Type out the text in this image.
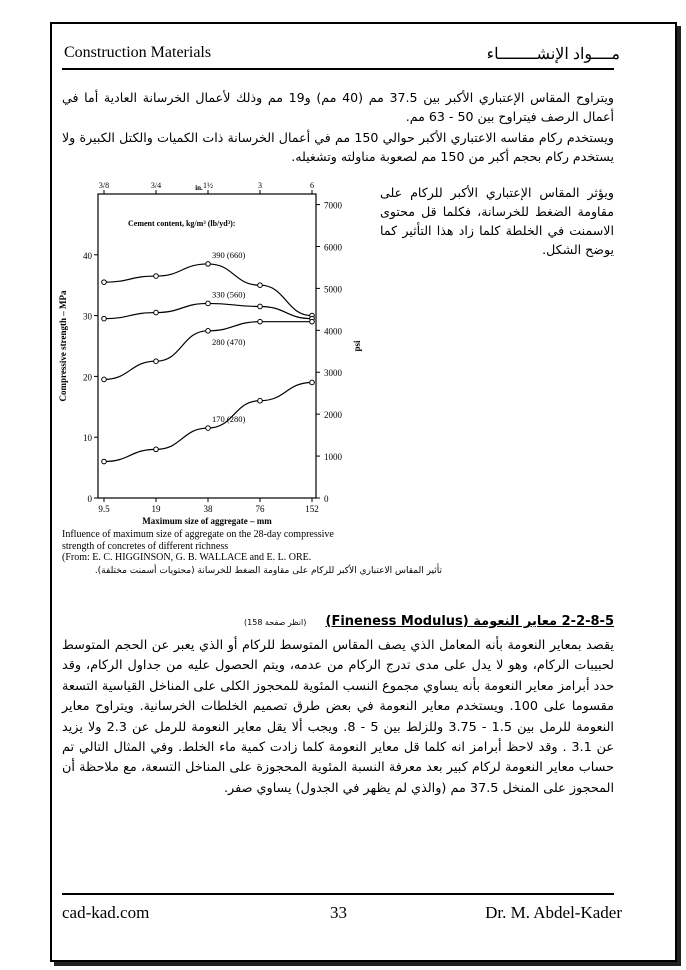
Construction Materials	مــــواد الإنشــــــــاء
ويتراوح المقاس الإعتباري الأكبر بين 37.5 مم (40 مم) و19 مم وذلك لأعمال الخرسانة العادية أما في أعمال الرصف فيتراوح بين 50 - 63 مم.
ويستخدم ركام مقاسه الاعتباري الأكبر حوالي 150 مم في أعمال الخرسانة ذات الكميات والكتل الكبيرة ولا يستخدم ركام بحجم أكبر من 150 مم لصعوبة مناولته وتشغيله.
0
10
20
30
40
Compressive strength – MPa
0
1000
2000
3000
4000
5000
6000
7000
psi
9.5
3/8
19
3/4
38
1½
76
3
152
6
in.
Maximum size of aggregate – mm
Cement content, kg/m³ (lb/yd³):
390 (660)
330 (560)
280 (470)
170 (280)
ويؤثر المقاس الإعتباري الأكبر للركام على مقاومة الضغط للخرسانة، فكلما قل محتوى الاسمنت في الخلطة كلما زاد هذا التأثير كما يوضح الشكل.
Influence of maximum size of aggregate on the 28-day compressive
strength of concretes of different richness
(From: E. C. HIGGINSON, G. B. WALLACE and E. L. ORE.
تأثير المقاس الاعتباري الأكبر للركام على مقاومة الضغط للخرسانة (محتويات أسمنت مختلفة).
2-2-8-5 معاير النعومة (Fineness Modulus) (انظر صفحة 158)
يقصد بمعاير النعومة بأنه المعامل الذي يصف المقاس المتوسط للركام أو الذي يعبر عن الحجم المتوسط لحبيبات الركام، وهو لا يدل على مدى تدرج الركام من عدمه، ويتم الحصول عليه من جداول الركام، وقد حدد أبرامز معاير النعومة بأنه يساوي مجموع النسب المئوية للمحجوز الكلى على المناخل القياسية التسعة مقسوما على 100. ويستخدم معاير النعومة في بعض طرق تصميم الخلطات الخرسانية. ويتراوح معاير النعومة للرمل بين 1.5 - 3.75 وللزلط بين 5 - 8. ويجب ألا يقل معاير النعومة للرمل عن 2.3 ولا يزيد عن 3.1 . وقد لاحظ أبرامز انه كلما قل معاير النعومة كلما زادت كمية ماء الخلط. وفي المثال التالي تم حساب معاير النعومة لركام كبير بعد معرفة النسبة المئوية المحجوزة على المناخل التسعة، مع ملاحظة أن المحجوز على المنخل 37.5 مم (والذي لم يظهر في الجدول) يساوي صفر.
cad-kad.com	33	Dr. M. Abdel-Kader
